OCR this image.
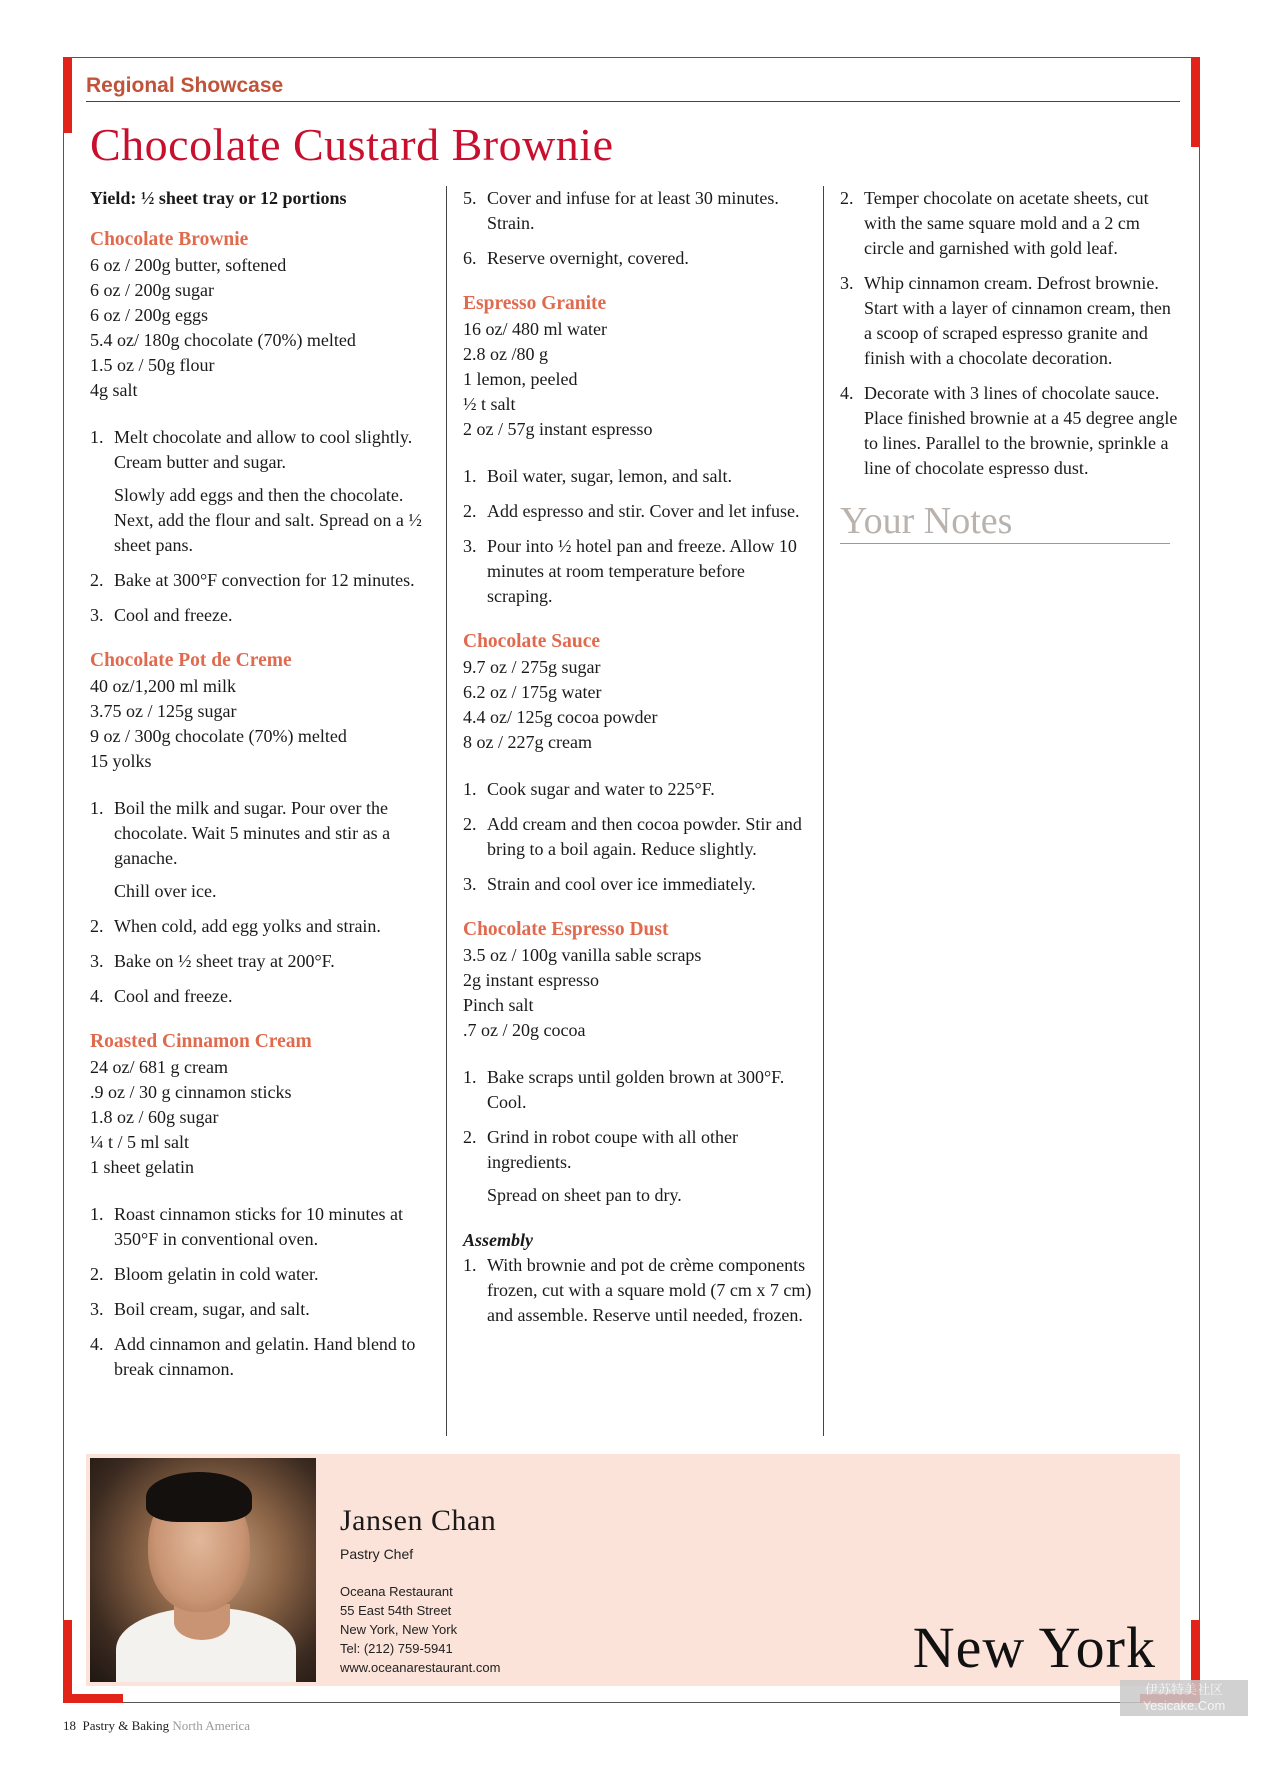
Regional Showcase
Chocolate Custard Brownie

Yield: ½ sheet tray or 12 portions

Chocolate Brownie
6 oz / 200g butter, softened
6 oz / 200g sugar
6 oz / 200g eggs
5.4 oz/ 180g chocolate (70%) melted
1.5 oz / 50g flour
4g salt
1. Melt chocolate and allow to cool slightly. Cream butter and sugar.

Slowly add eggs and then the chocolate. Next, add the flour and salt. Spread on a ½ sheet pans.

2. Bake at 300°F convection for 12 minutes.

3. Cool and freeze.

Chocolate Pot de Creme
40 oz/1,200 ml milk
3.75 oz / 125g sugar
9 oz / 300g chocolate (70%) melted
15 yolks
1. Boil the milk and sugar. Pour over the chocolate. Wait 5 minutes and stir as a ganache.

Chill over ice.

2. When cold, add egg yolks and strain.

3. Bake on ½ sheet tray at 200°F.

4. Cool and freeze.

Roasted Cinnamon Cream
24 oz/ 681 g cream
.9 oz / 30 g cinnamon sticks
1.8 oz / 60g sugar
¼ t / 5 ml salt
1 sheet gelatin
1. Roast cinnamon sticks for 10 minutes at 350°F in conventional oven.

2. Bloom gelatin in cold water.

3. Boil cream, sugar, and salt.

4. Add cinnamon and gelatin. Hand blend to break cinnamon.

5. Cover and infuse for at least 30 minutes. Strain.

6. Reserve overnight, covered.

Espresso Granite
16 oz/ 480 ml water
2.8 oz /80 g
1 lemon, peeled
½ t salt
2 oz / 57g instant espresso
1. Boil water, sugar, lemon, and salt.

2. Add espresso and stir. Cover and let infuse.

3. Pour into ½ hotel pan and freeze. Allow 10 minutes at room temperature before scraping.

Chocolate Sauce
9.7 oz / 275g sugar
6.2 oz / 175g water
4.4 oz/ 125g cocoa powder
8 oz / 227g cream
1. Cook sugar and water to 225°F.

2. Add cream and then cocoa powder. Stir and bring to a boil again. Reduce slightly.

3. Strain and cool over ice immediately.

Chocolate Espresso Dust
3.5 oz / 100g vanilla sable scraps
2g instant espresso
Pinch salt
.7 oz / 20g cocoa
1. Bake scraps until golden brown at 300°F. Cool.

2. Grind in robot coupe with all other ingredients.

Spread on sheet pan to dry.

Assembly

1. With brownie and pot de crème components frozen, cut with a square mold (7 cm x 7 cm) and assemble. Reserve until needed, frozen.

2. Temper chocolate on acetate sheets, cut with the same square mold and a 2 cm circle and garnished with gold leaf.

3. Whip cinnamon cream. Defrost brownie. Start with a layer of cinnamon cream, then a scoop of scraped espresso granite and finish with a chocolate decoration.

4. Decorate with 3 lines of chocolate sauce. Place finished brownie at a 45 degree angle to lines. Parallel to the brownie, sprinkle a line of chocolate espresso dust.

Your Notes
Jansen Chan
Pastry Chef
Oceana Restaurant
55 East 54th Street
New York, New York
Tel: (212) 759-5941
www.oceanarestaurant.com	New York
18 Pastry & Baking North America
伊苏特美社区
Yesicake.Com
